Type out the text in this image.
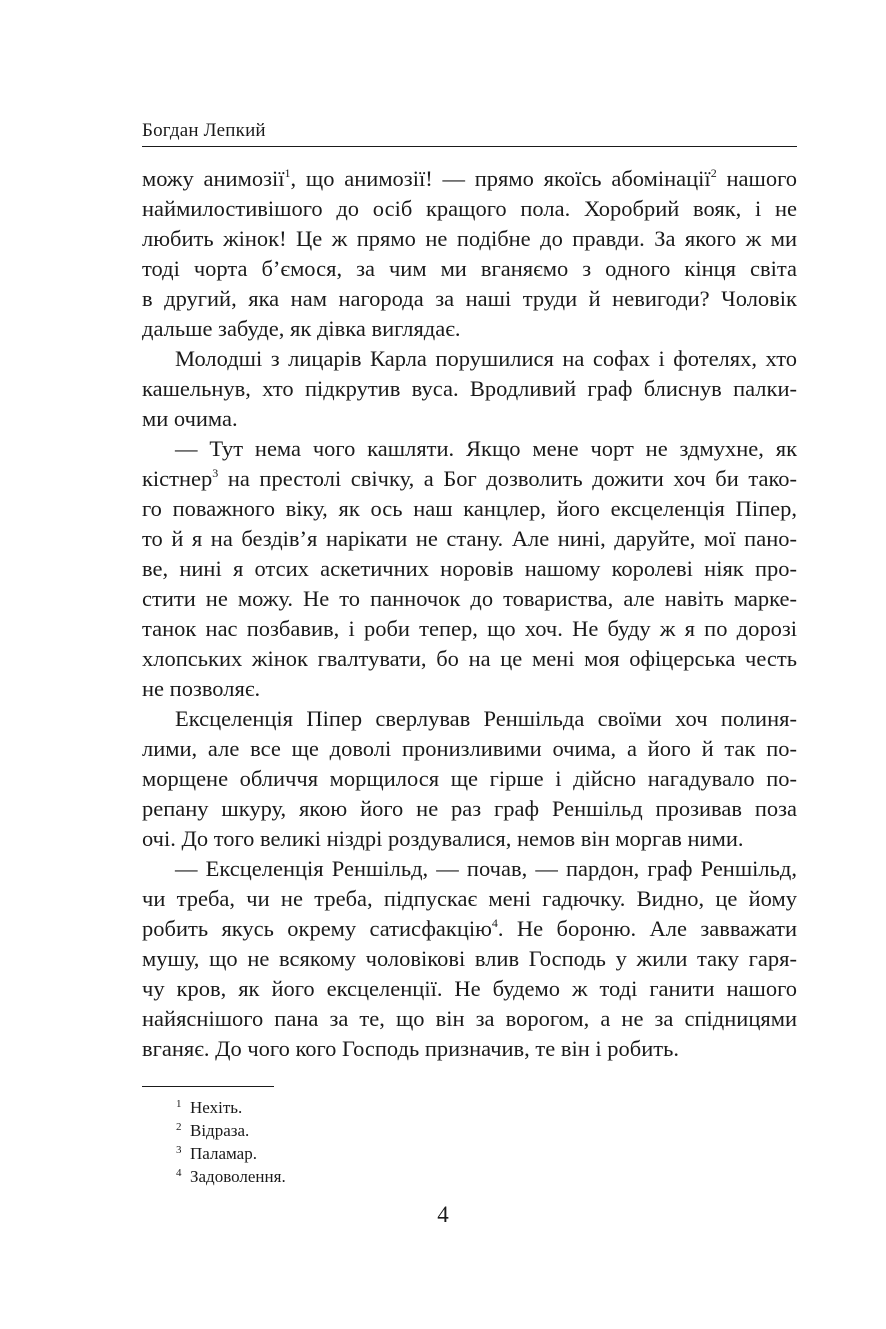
Богдан Лепкий
можу анимозії$^1$, що анимозії! — прямо якоїсь абомінації$^2$ нашого
наймилостивішого до осіб кращого пола. Хоробрий вояк, і не
любить жінок! Це ж прямо не подібне до правди. За якого ж ми
тоді чорта б’ємося, за чим ми вганяємо з одного кінця світа
в другий, яка нам нагорода за наші труди й невигоди? Чоловік
дальше забуде, як дівка виглядає.
Молодші з лицарів Карла порушилися на софах і фотелях, хто
кашельнув, хто підкрутив вуса. Вродливий граф блиснув палки-
ми очима.
— Тут нема чого кашляти. Якщо мене чорт не здмухне, як
кістнер$^3$ на престолі свічку, а Бог дозволить дожити хоч би тако-
го поважного віку, як ось наш канцлер, його ексцеленція Піпер,
то й я на бездів’я нарікати не стану. Але нині, даруйте, мої пано-
ве, нині я отсих аскетичних норовів нашому королеві ніяк про-
стити не можу. Не то панночок до товариства, але навіть марке-
танок нас позбавив, і роби тепер, що хоч. Не буду ж я по дорозі
хлопських жінок гвалтувати, бо на це мені моя офіцерська честь
не позволяє.
Ексцеленція Піпер сверлував Реншільда своїми хоч полиня-
лими, але все ще доволі пронизливими очима, а його й так по-
морщене обличчя морщилося ще гірше і дійсно нагадувало по-
репану шкуру, якою його не раз граф Реншільд прозивав поза
очі. До того великі ніздрі роздувалися, немов він моргав ними.
— Ексцеленція Реншільд, — почав, — пардон, граф Реншільд,
чи треба, чи не треба, підпускає мені гадючку. Видно, це йому
робить якусь окрему сатисфакцію$^4$. Не бороню. Але завважати
мушу, що не всякому чоловікові влив Господь у жили таку гаря-
чу кров, як його ексцеленції. Не будемо ж тоді ганити нашого
найяснішого пана за те, що він за ворогом, а не за спідницями
вганяє. До чого кого Господь призначив, те він і робить.
1 Нехіть.
2 Відраза.
3 Паламар.
4 Задоволення.
4
